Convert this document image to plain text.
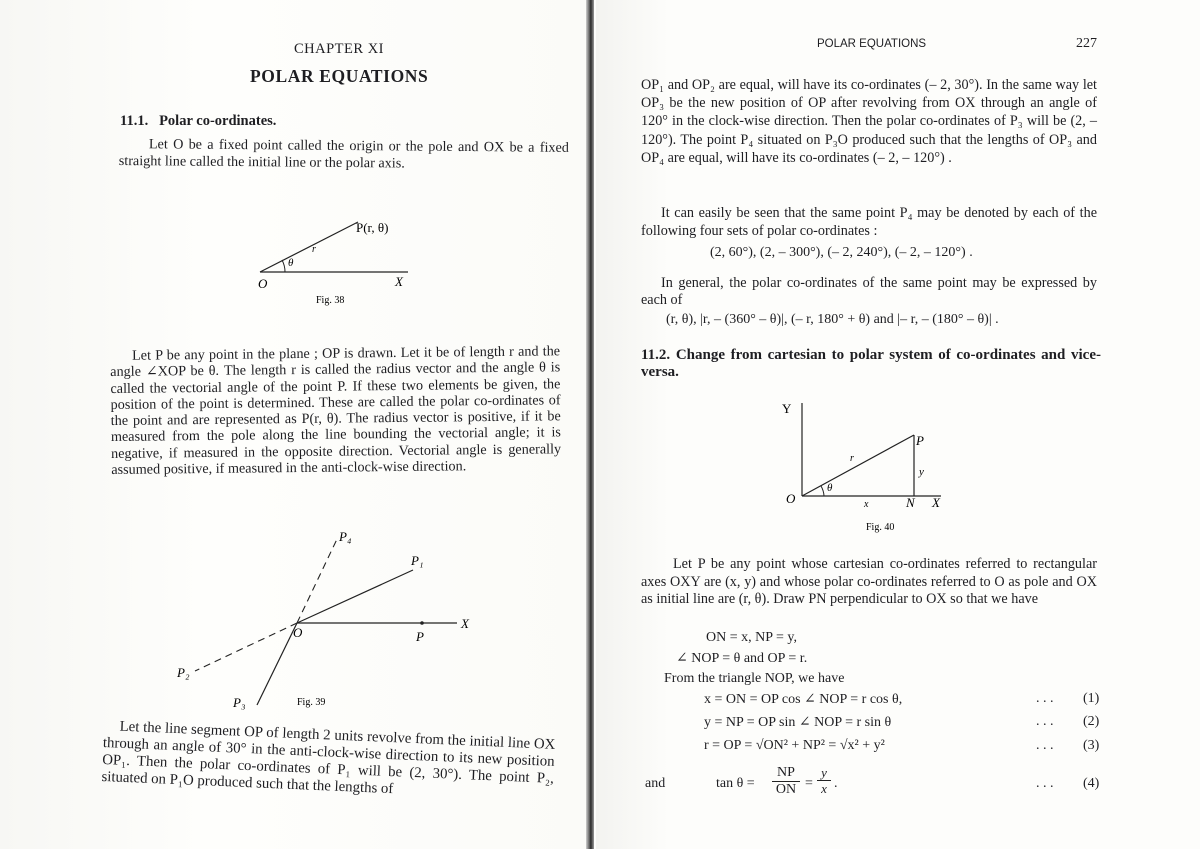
CHAPTER XI
POLAR EQUATIONS
11.1.   Polar co-ordinates.

Let O be a fixed point called the origin or the pole and OX be a fixed straight line called the initial line or the polar axis.

P(r, θ)
r
θ
O	X
Fig. 38

Let P be any point in the plane ; OP is drawn. Let it be of length r and the angle ∠XOP be θ. The length r is called the radius vector and the angle θ is called the vectorial angle of the point P. If these two elements be given, the position of the point is determined. These are called the polar co-ordinates of the point and are represented as P(r, θ). The radius vector is positive, if it be measured from the pole along the line bounding the vectorial angle; it is negative, if measured in the opposite direction. Vectorial angle is generally assumed positive, if measured in the anti-clock-wise direction.

P₄
P₁
O	P
X
P₂
P₃	Fig. 39

Let the line segment OP of length 2 units revolve from the initial line OX through an angle of 30° in the anti-clock-wise direction to its new position OP₁. Then the polar co-ordinates of P₁ will be (2, 30°). The point P₂, situated on P₁O produced such that the lengths of

POLAR EQUATIONS	227

OP₁ and OP₂ are equal, will have its co-ordinates (– 2, 30°). In the same way let OP₃ be the new position of OP after revolving from OX through an angle of 120° in the clock-wise direction. Then the polar co-ordinates of P₃ will be (2, – 120°). The point P₄ situated on P₃O produced such that the lengths of OP₃ and OP₄ are equal, will have its co-ordinates (– 2, – 120°) .

It can easily be seen that the same point P₄ may be denoted by each of the following four sets of polar co-ordinates :

(2, 60°), (2, – 300°), (– 2, 240°), (– 2, – 120°) .

In general, the polar co-ordinates of the same point may be expressed by each of

(r, θ), |r, – (360° – θ)|, (– r, 180° + θ) and |– r, – (180° – θ)| .

11.2. Change from cartesian to polar system of co-ordinates and vice-versa.

Y
P
r
y
θ
O	x	N X
Fig. 40

Let P be any point whose cartesian co-ordinates referred to rectangular axes OXY are (x, y) and whose polar co-ordinates referred to O as pole and OX as initial line are (r, θ). Draw PN perpendicular to OX so that we have

ON = x, NP = y,
∠ NOP = θ and OP = r.
From the triangle NOP, we have
x = ON = OP cos ∠ NOP = r cos θ,	. . . (1)
y = NP = OP sin ∠ NOP = r sin θ	. . . (2)
r = OP = √ON² + NP² = √x² + y²	. . . (3)
and	$\tan \theta = \frac{NP}{ON} = \frac{y}{x}$ .	. . . (4)
